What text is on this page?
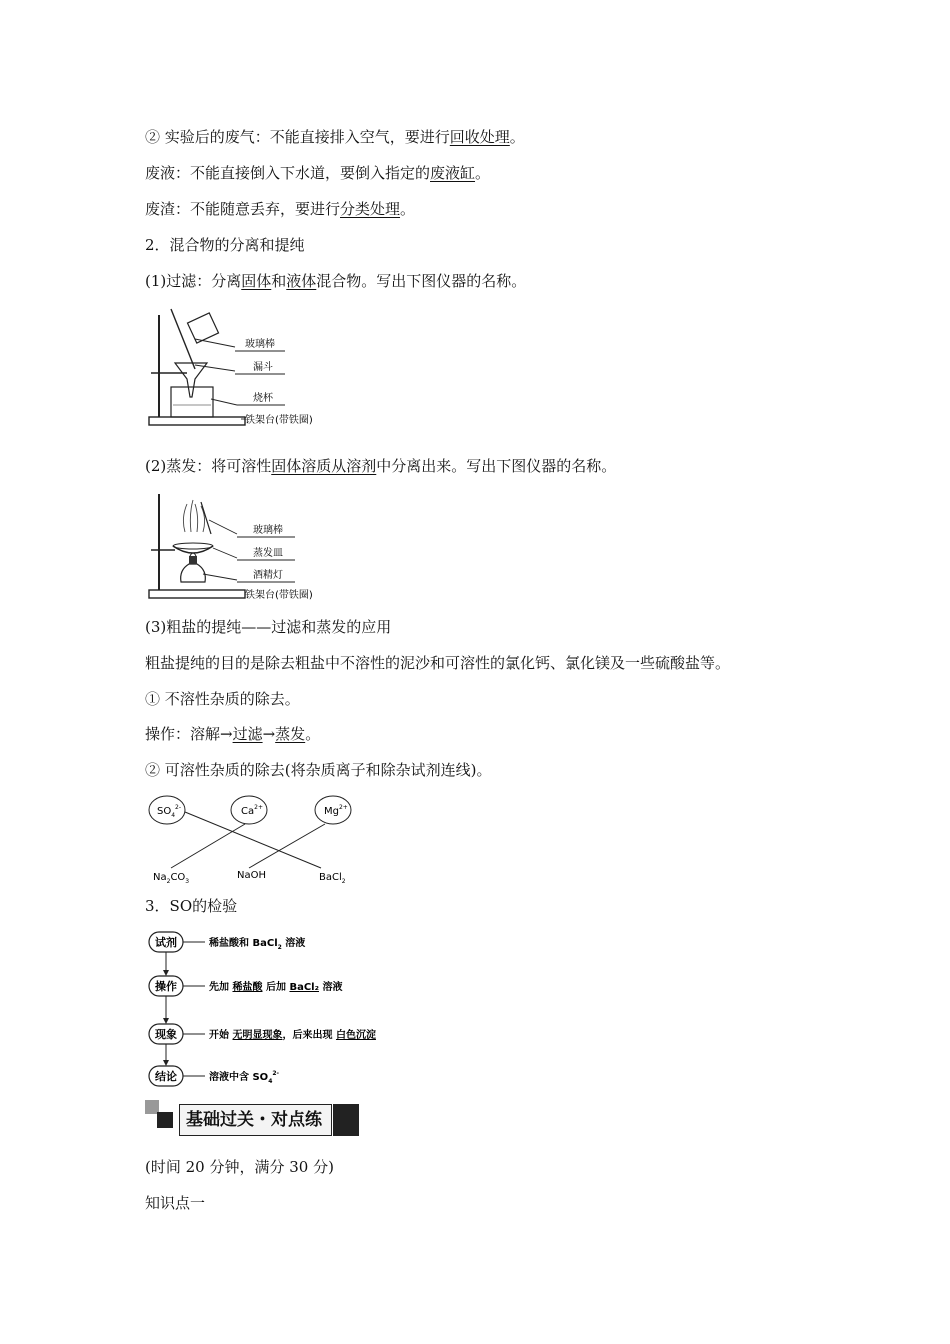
② 实验后的废气：不能直接排入空气，要进行回收处理。
废液：不能直接倒入下水道，要倒入指定的废液缸。
废渣：不能随意丢弃，要进行分类处理。
2．混合物的分离和提纯
(1)过滤：分离固体和液体混合物。写出下图仪器的名称。
玻璃棒
漏斗
烧杯
铁架台(带铁圈)
(2)蒸发：将可溶性固体溶质从溶剂中分离出来。写出下图仪器的名称。
玻璃棒
蒸发皿
酒精灯
铁架台(带铁圈)
(3)粗盐的提纯——过滤和蒸发的应用
粗盐提纯的目的是除去粗盐中不溶性的泥沙和可溶性的氯化钙、氯化镁及一些硫酸盐等。
① 不溶性杂质的除去。
操作：溶解→过滤→蒸发。
② 可溶性杂质的除去(将杂质离子和除杂试剂连线)。
$SO_4^{2-}$	$Ca^{2+}$	$Mg^{2+}$
$Na_2CO_3$
NaOH	BaCl$_2$
3．SO的检验
试剂
操作
现象
结论
稀盐酸和 BaCl$_2$ 溶液
先加 稀盐酸 后加 BaCl₂ 溶液
开始 无明显现象，后来出现 白色沉淀
溶液中含 $SO_4^{2-}$
基础过关・对点练
(时间 20 分钟，满分 30 分)
知识点一
